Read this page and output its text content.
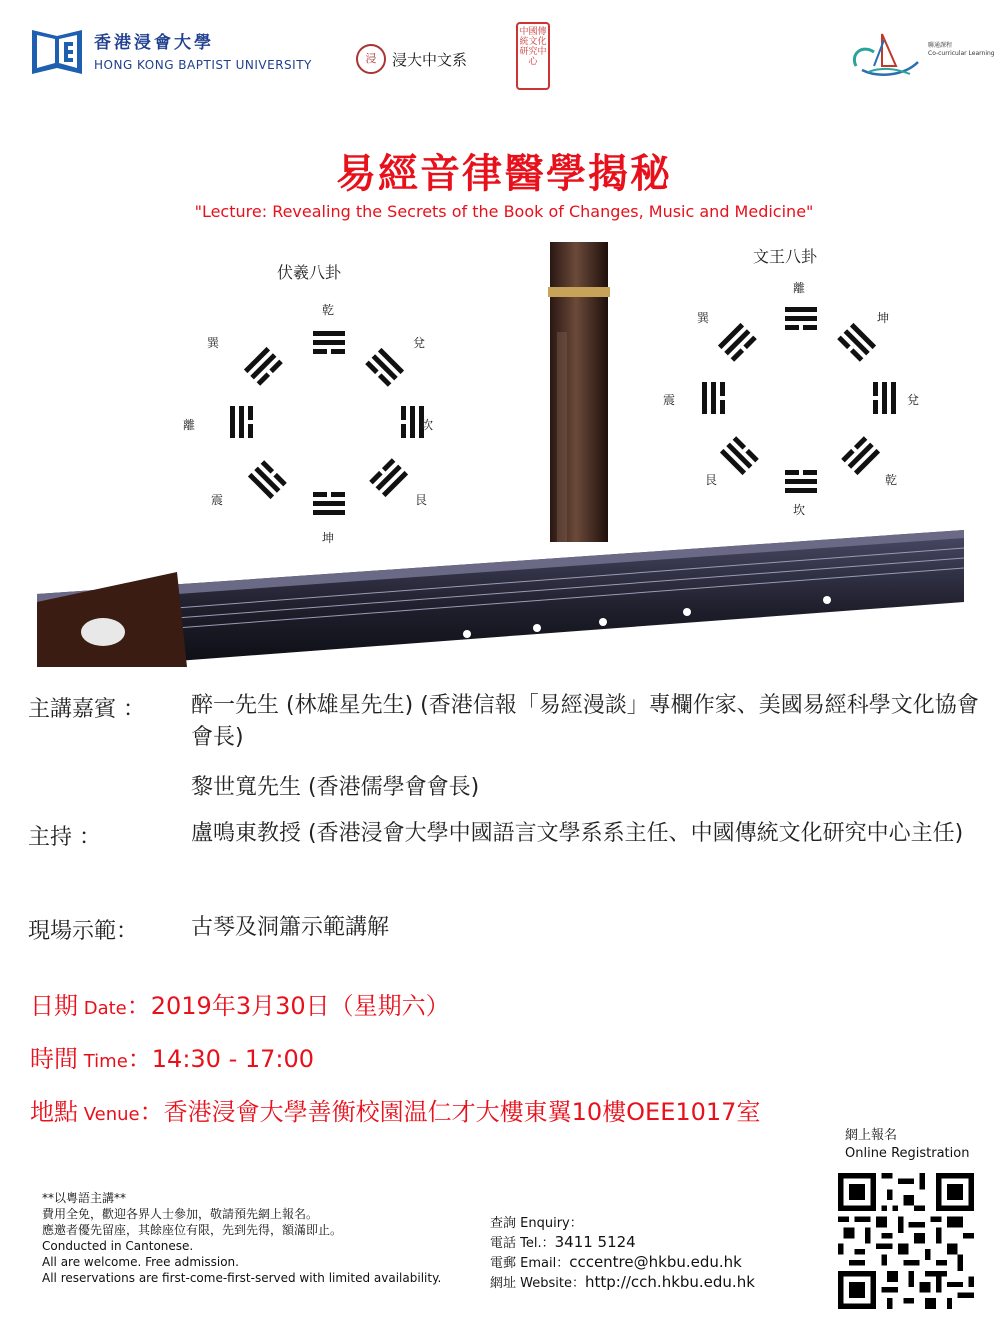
香港浸會大學
HONG KONG BAPTIST UNIVERSITY	浸	浸大中文系
中國傳統文化研究中心
聯通課程
Co-curricular Learning
易經音律醫學揭秘
"Lecture: Revealing the Secrets of the Book of Changes, Music and Medicine"
伏羲八卦
乾
巽
坎
艮
坤
震
離
兌
文王八卦
離
坤
兌
乾
坎
艮
震
巽
主講嘉賓 ： 醉一先生 (林雄星先生) (香港信報「易經漫談」專欄作家、美國易經科學文化協會會長)
黎世寬先生 (香港儒學會會長)
主持 ：	盧鳴東教授 (香港浸會大學中國語言文學系系主任、中國傳統文化研究中心主任)
現場示範： 古琴及洞簫示範講解
日期 Date：2019年3月30日（星期六）
時間 Time：14:30 - 17:00
地點 Venue：香港浸會大學善衡校園温仁才大樓東翼10樓OEE1017室
網上報名
Online Registration
**以粵語主講**
費用全免，歡迎各界人士參加，敬請預先網上報名。
應邀者優先留座，其餘座位有限，先到先得，額滿即止。
Conducted in Cantonese.
All are welcome. Free admission.
All reservations are first-come-first-served with limited availability.
查詢 Enquiry：
電話 Tel.：3411 5124
電郵 Email：cccentre@hkbu.edu.hk
網址 Website：http://cch.hkbu.edu.hk
